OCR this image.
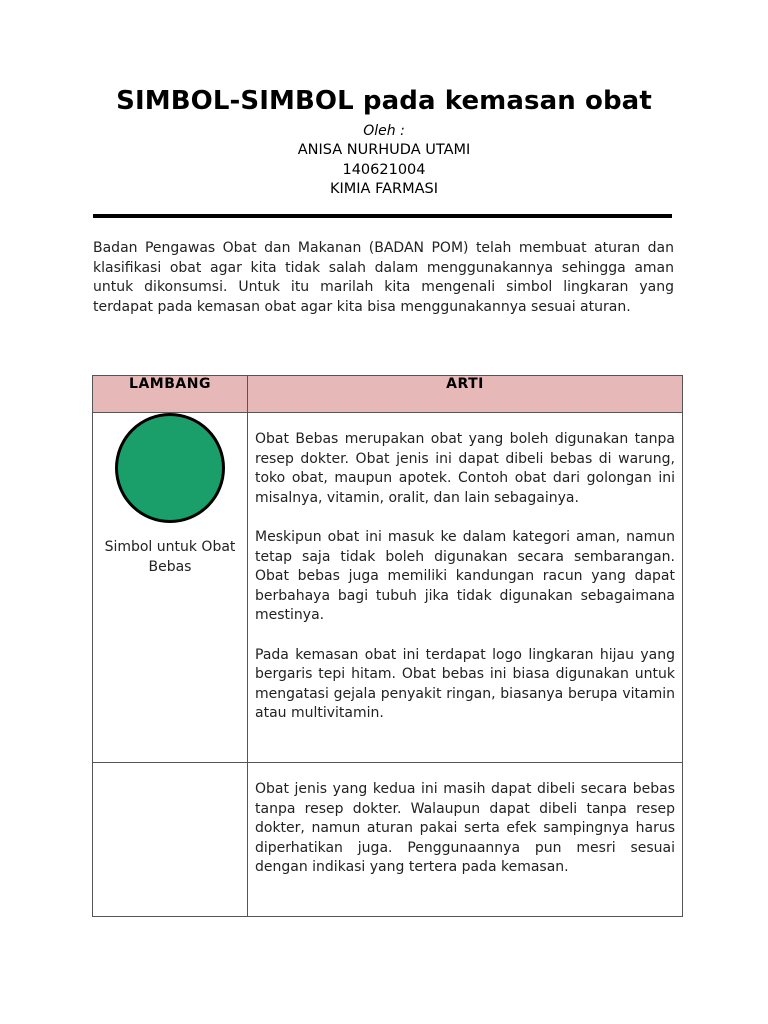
SIMBOL-SIMBOL pada kemasan obat
Oleh :
ANISA NURHUDA UTAMI
140621004
KIMIA FARMASI
Badan Pengawas Obat dan Makanan (BADAN POM) telah membuat aturan dan klasifikasi obat agar kita tidak salah dalam menggunakannya sehingga aman untuk dikonsumsi. Untuk itu marilah kita mengenali simbol lingkaran yang terdapat pada kemasan obat agar kita bisa menggunakannya sesuai aturan.
LAMBANG	ARTI

Simbol untuk Obat Bebas	Obat Bebas merupakan obat yang boleh digunakan tanpa resep dokter. Obat jenis ini dapat dibeli bebas di warung, toko obat, maupun apotek. Contoh obat dari golongan ini misalnya, vitamin, oralit, dan lain sebagainya.

Meskipun obat ini masuk ke dalam kategori aman, namun tetap saja tidak boleh digunakan secara sembarangan. Obat bebas juga memiliki kandungan racun yang dapat berbahaya bagi tubuh jika tidak digunakan sebagaimana mestinya.

Pada kemasan obat ini terdapat logo lingkaran hijau yang bergaris tepi hitam. Obat bebas ini biasa digunakan untuk mengatasi gejala penyakit ringan, biasanya berupa vitamin atau multivitamin.

	Obat jenis yang kedua ini masih dapat dibeli secara bebas tanpa resep dokter. Walaupun dapat dibeli tanpa resep dokter, namun aturan pakai serta efek sampingnya harus diperhatikan juga. Penggunaannya pun mesri sesuai dengan indikasi yang tertera pada kemasan.
